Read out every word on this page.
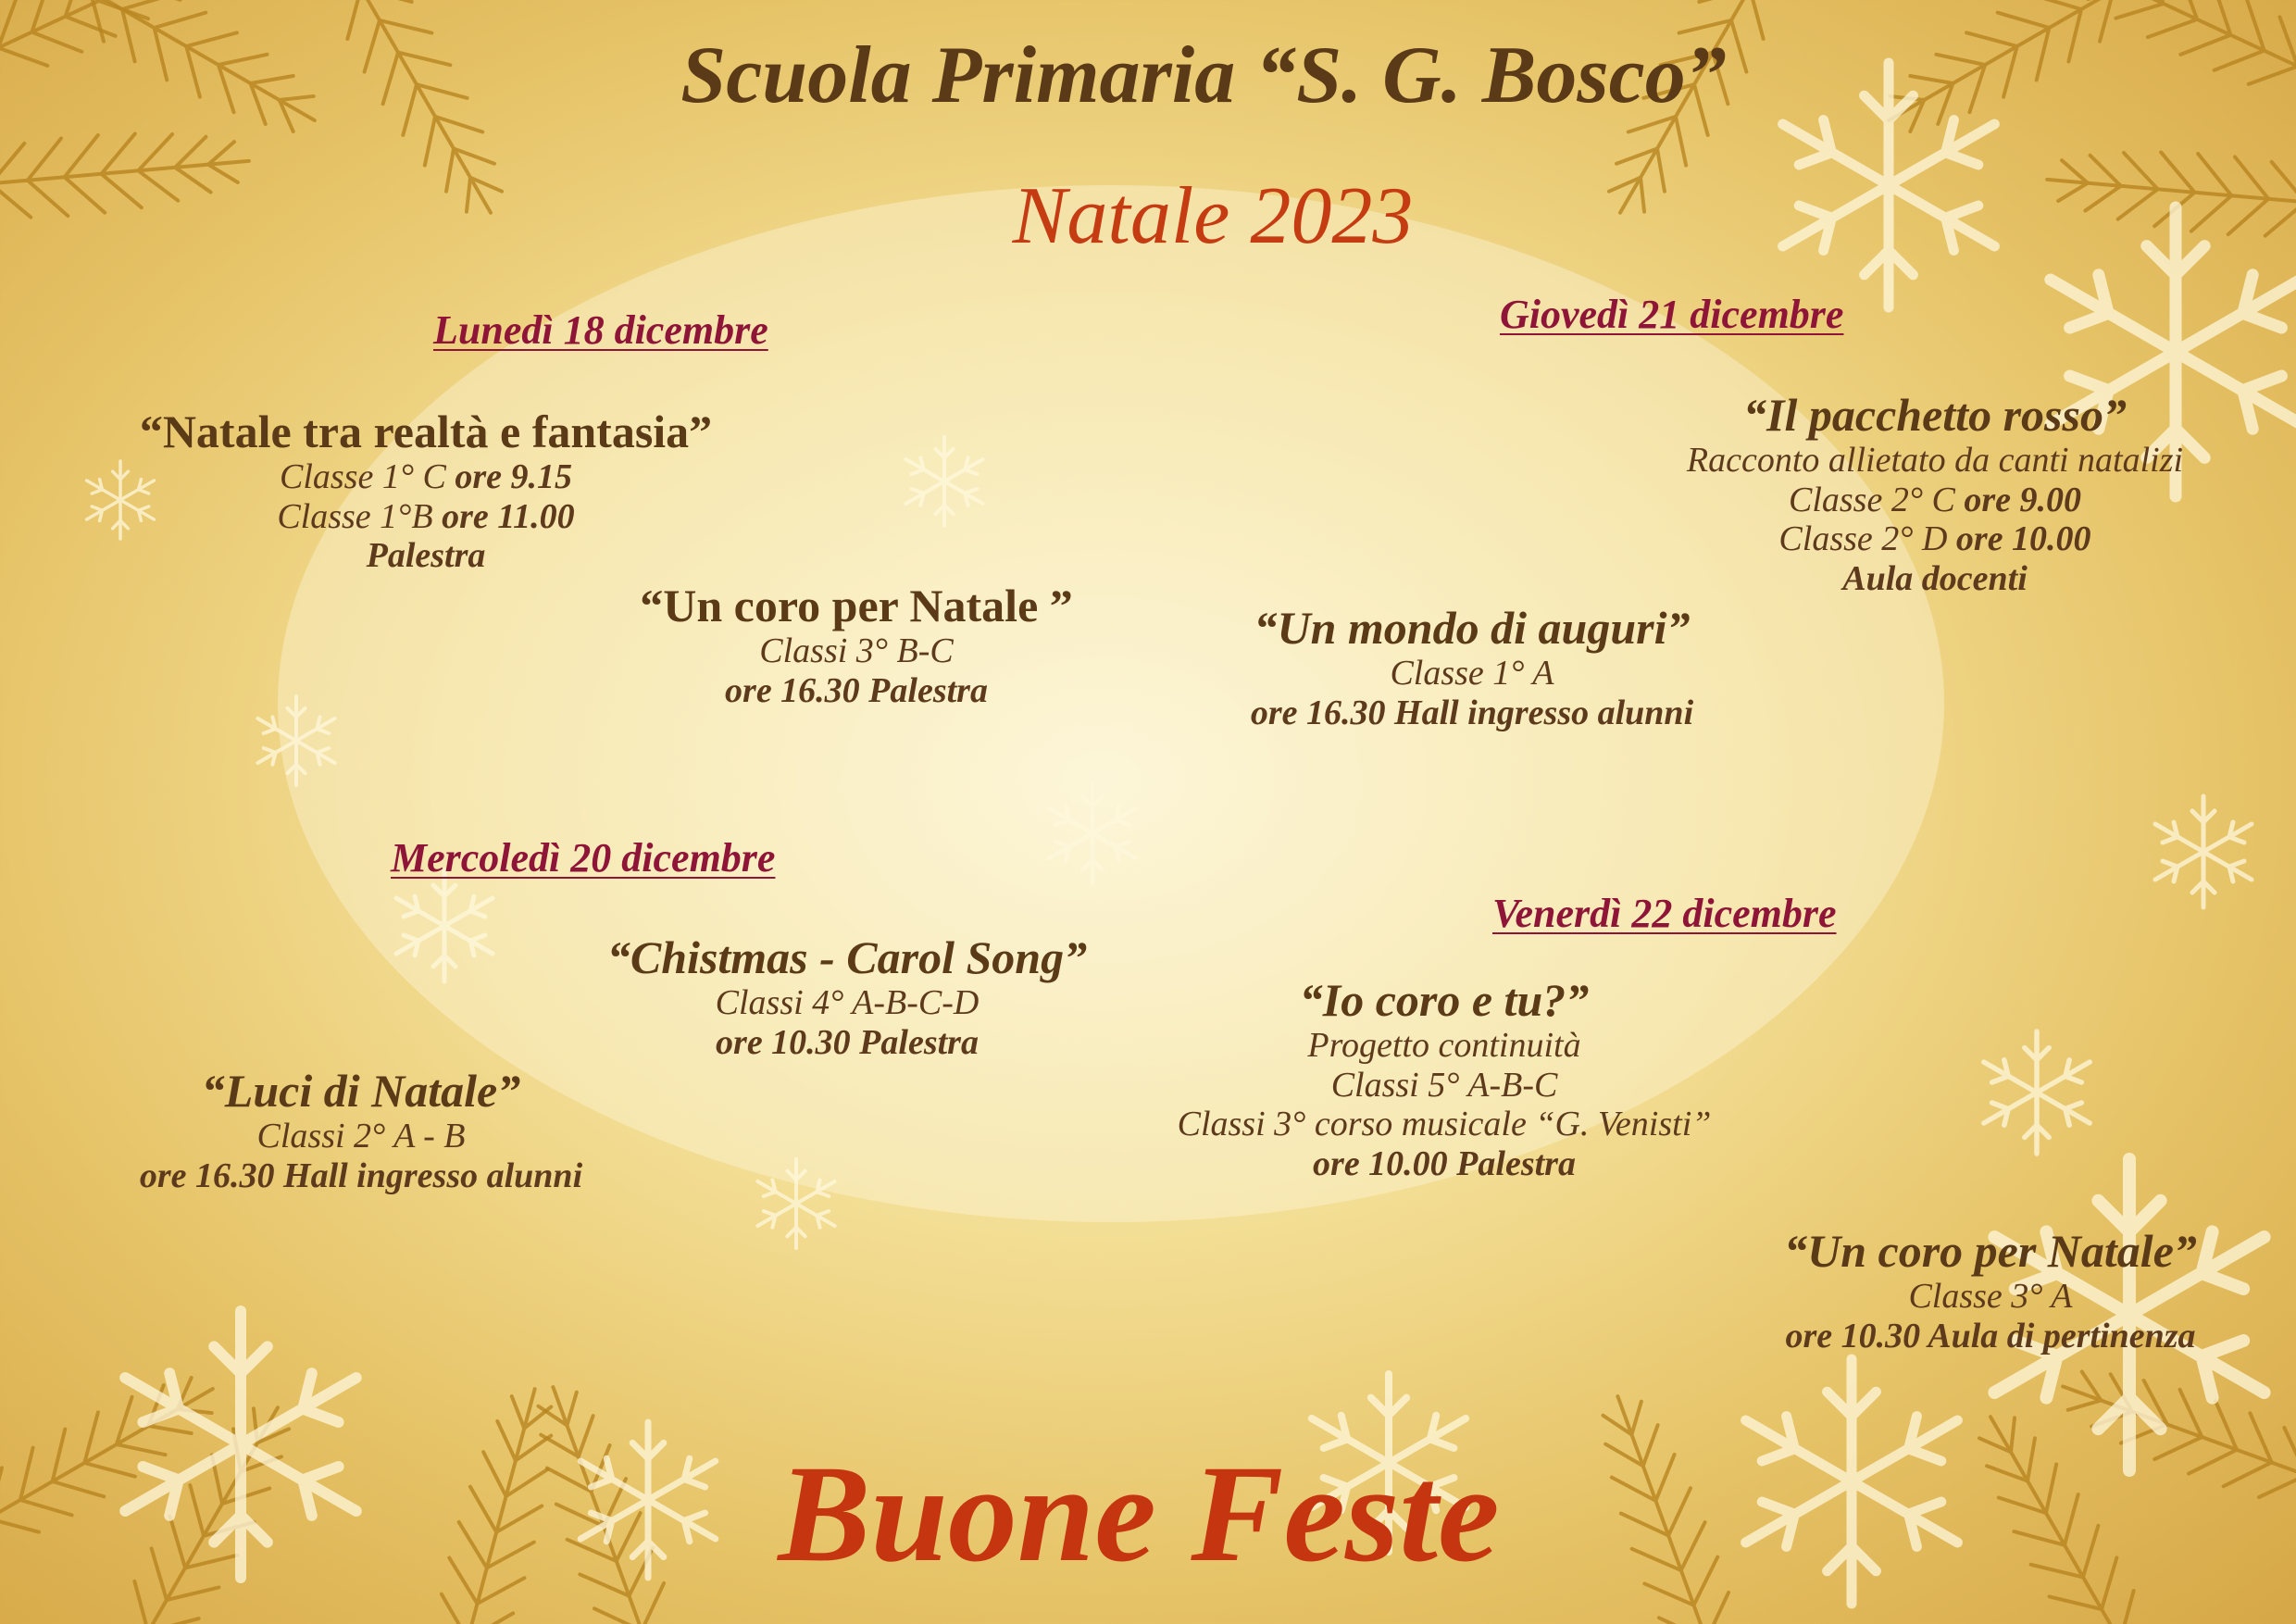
Scuola Primaria “S. G. Bosco”
Natale 2023
Lunedì 18 dicembre	Giovedì 21 dicembre
Mercoledì 20 dicembre
Venerdì 22 dicembre
“Natale tra realtà e fantasia”
Classe 1° C ore 9.15
Classe 1°B ore 11.00
Palestra
“Un coro per Natale ”
Classi 3° B-C
ore 16.30 Palestra
“Il pacchetto rosso”
Racconto allietato da canti natalizi
Classe 2° C ore 9.00
Classe 2° D ore 10.00
Aula docenti
“Un mondo di auguri”
Classe 1° A
ore 16.30 Hall ingresso alunni
“Chistmas - Carol Song”
Classi 4° A-B-C-D
ore 10.30 Palestra
“Luci di Natale”
Classi 2° A - B
ore 16.30 Hall ingresso alunni
“Io coro e tu?”
Progetto continuità
Classi 5° A-B-C
Classi 3° corso musicale “G. Venisti”
ore 10.00 Palestra
“Un coro per Natale”
Classe 3° A
ore 10.30 Aula di pertinenza
Buone Feste
